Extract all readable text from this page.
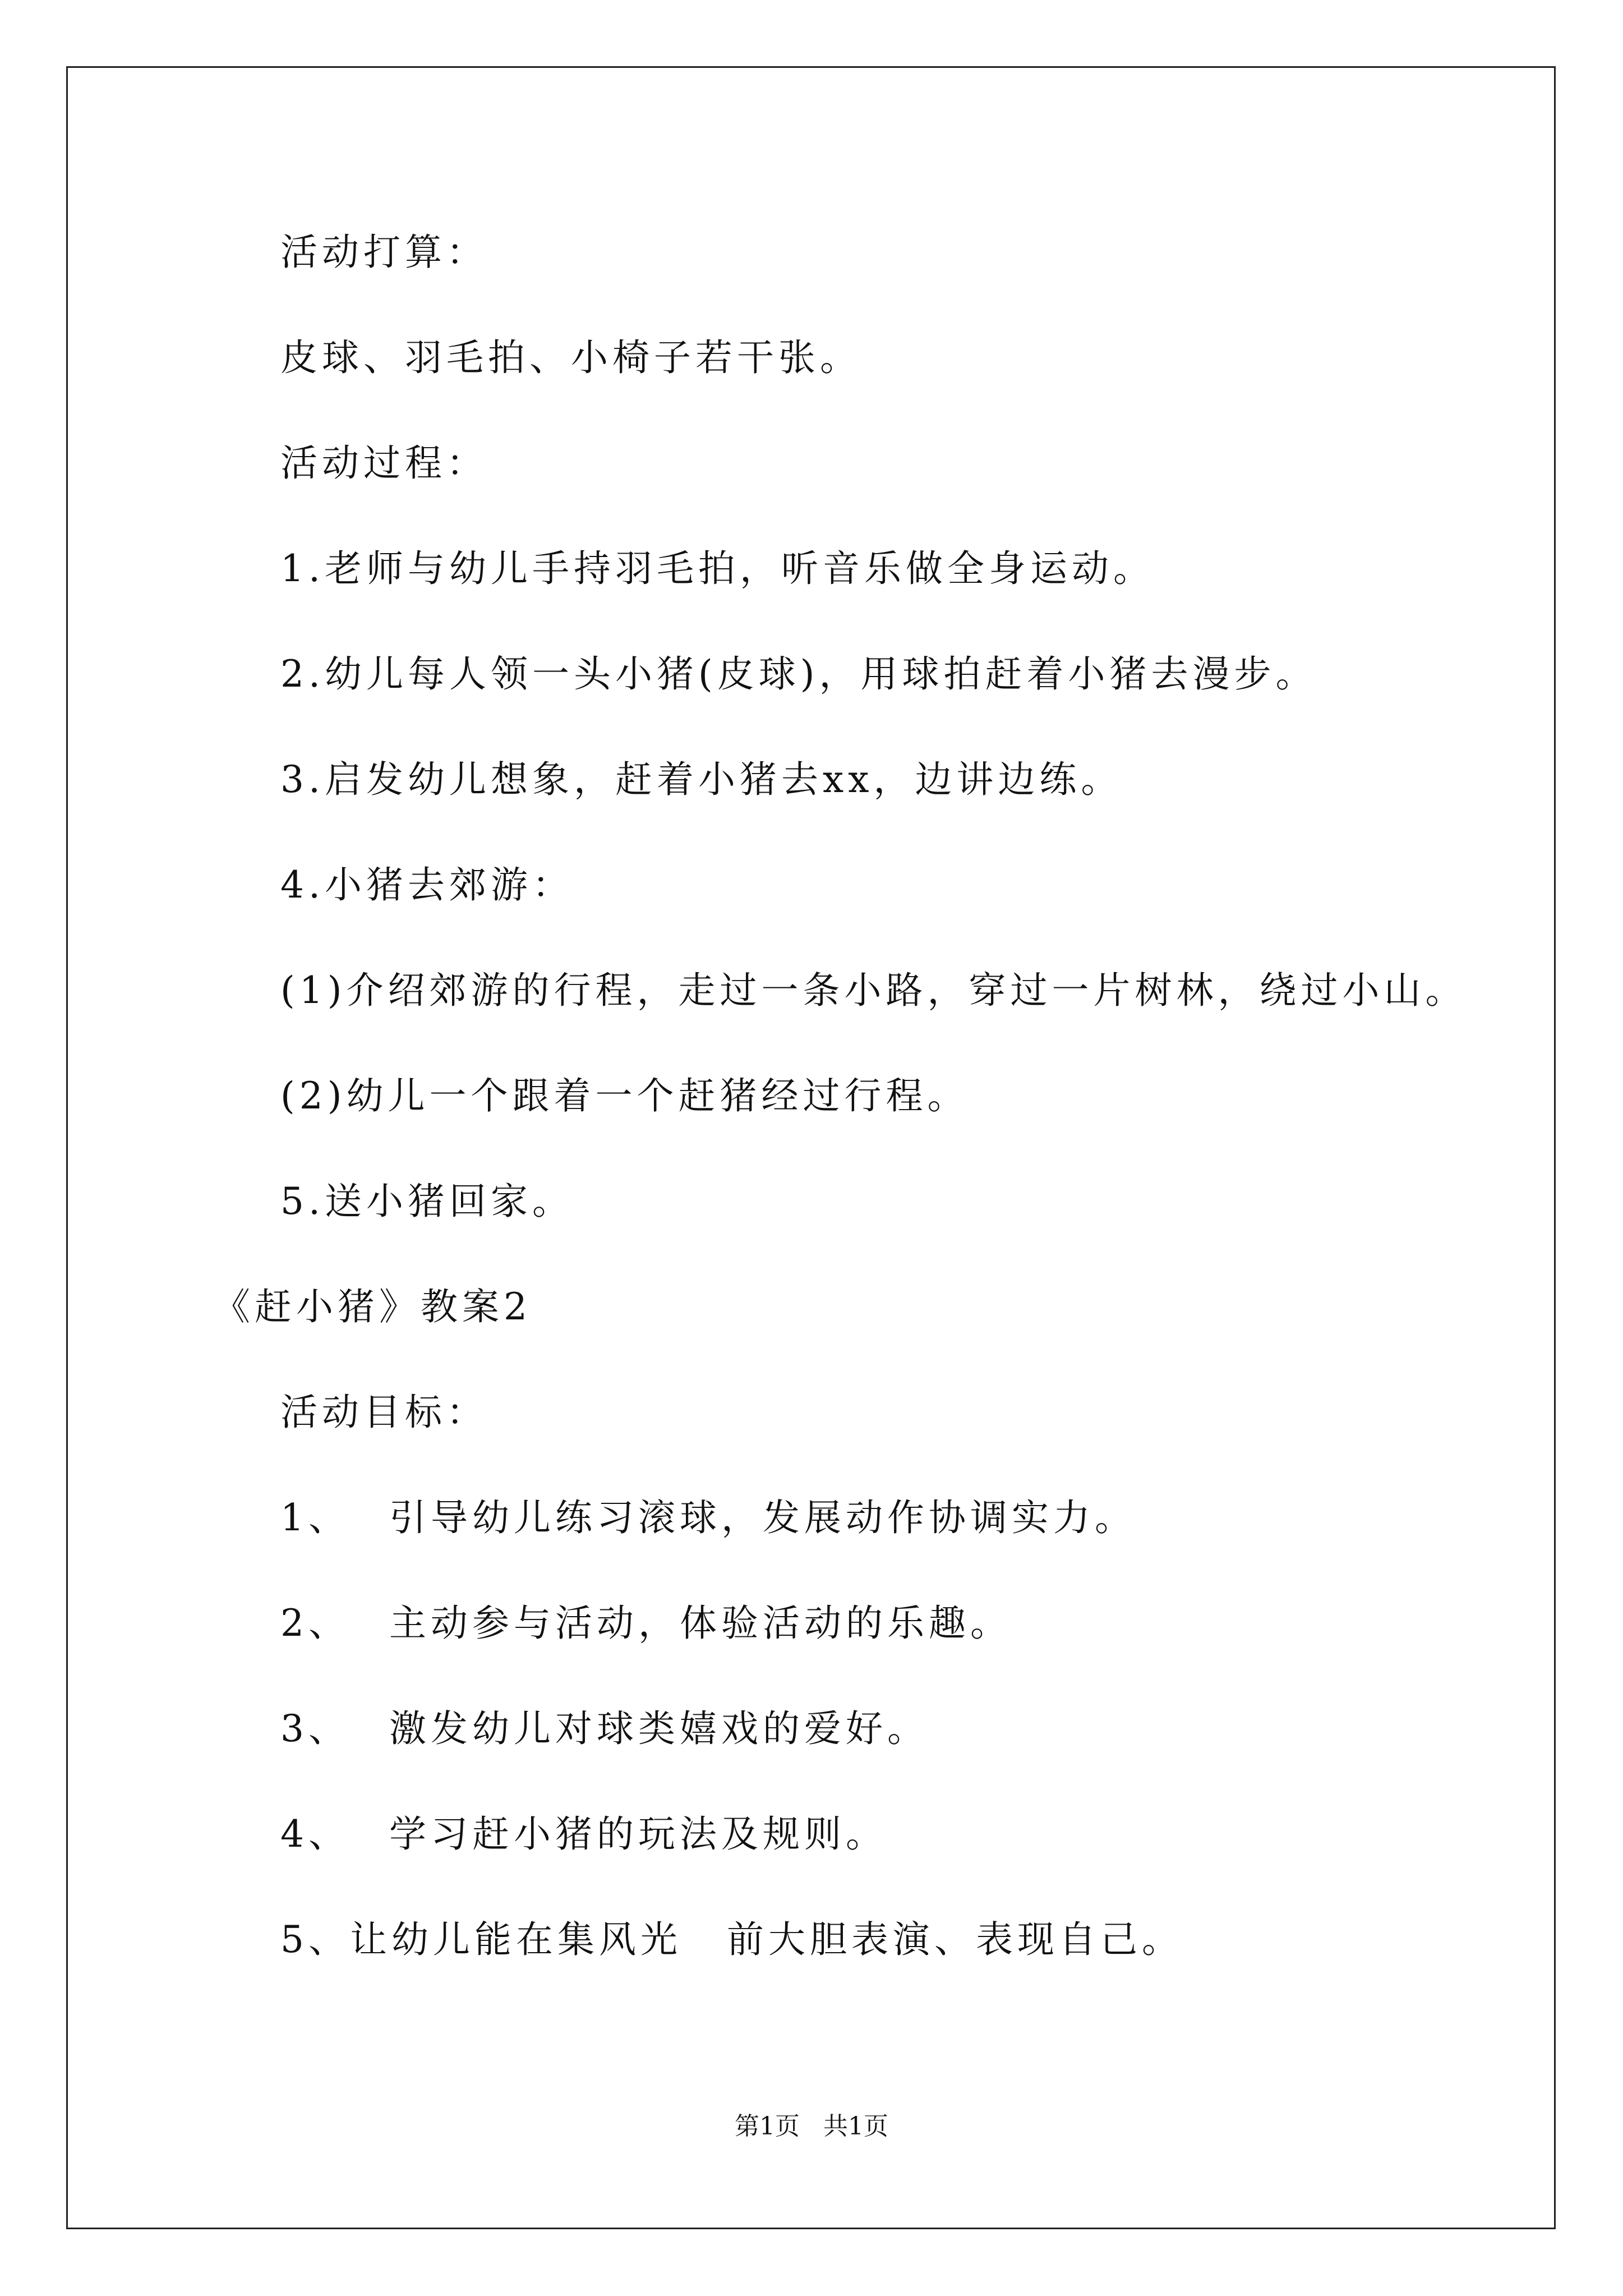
活动打算：
皮球、羽毛拍、小椅子若干张。
活动过程：
1.老师与幼儿手持羽毛拍，听音乐做全身运动。
2.幼儿每人领一头小猪(皮球)，用球拍赶着小猪去漫步。
3.启发幼儿想象，赶着小猪去xx，边讲边练。
4.小猪去郊游：
(1)介绍郊游的行程，走过一条小路，穿过一片树林，绕过小山。
(2)幼儿一个跟着一个赶猪经过行程。
5.送小猪回家。
《赶小猪》教案2
活动目标：
1、 引导幼儿练习滚球，发展动作协调实力。
2、 主动参与活动，体验活动的乐趣。
3、 激发幼儿对球类嬉戏的爱好。
4、 学习赶小猪的玩法及规则。
5、让幼儿能在集风光 前大胆表演、表现自己。
第1页 共1页
